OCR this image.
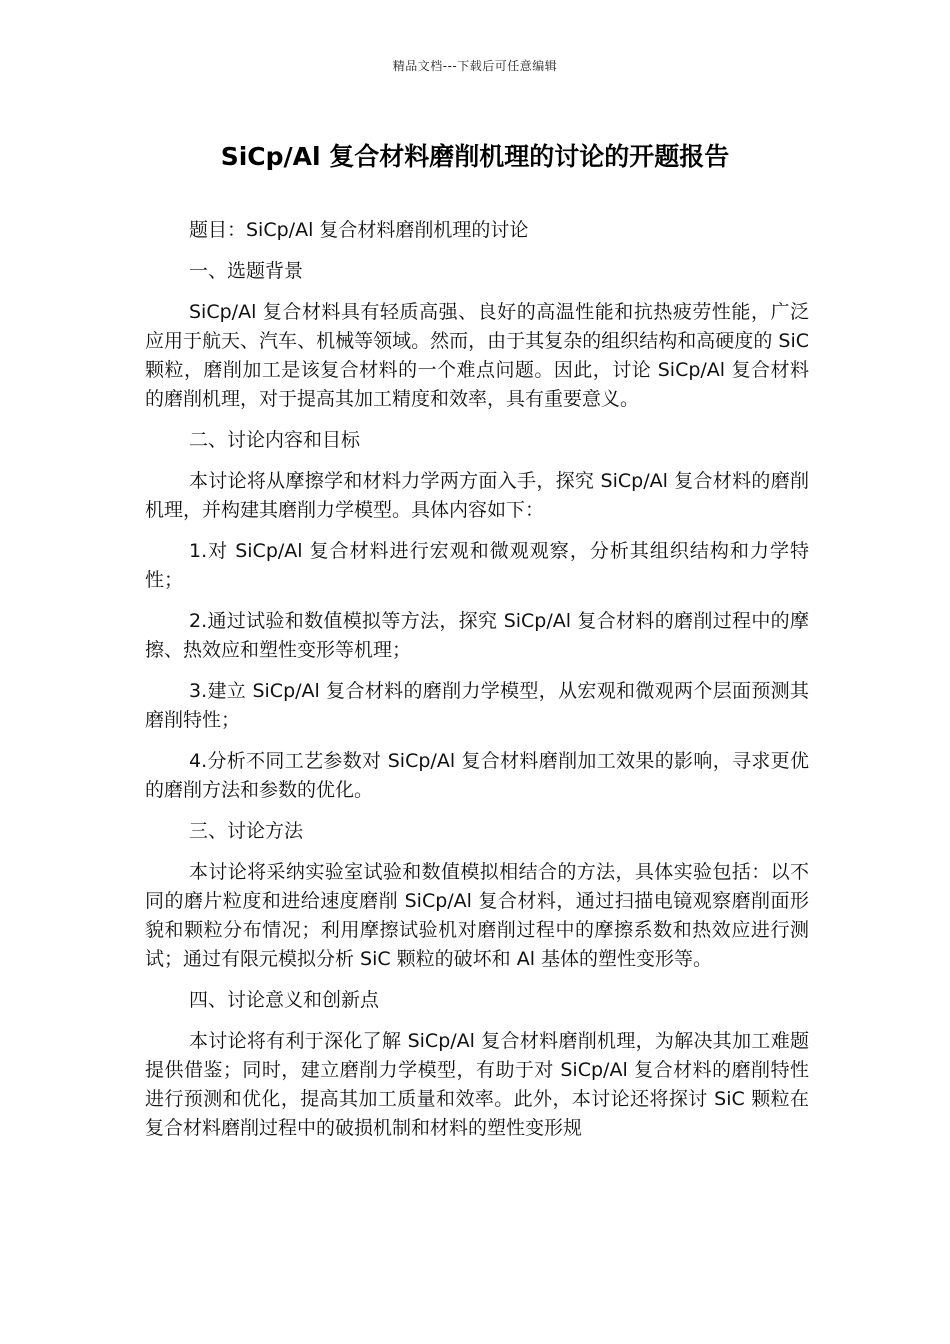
精品文档---下载后可任意编辑
SiCp/Al 复合材料磨削机理的讨论的开题报告

题目：SiCp/Al 复合材料磨削机理的讨论

一、选题背景

SiCp/Al 复合材料具有轻质高强、良好的高温性能和抗热疲劳性能，广泛应用于航天、汽车、机械等领域。然而，由于其复杂的组织结构和高硬度的 SiC 颗粒，磨削加工是该复合材料的一个难点问题。因此，讨论 SiCp/Al 复合材料的磨削机理，对于提高其加工精度和效率，具有重要意义。

二、讨论内容和目标

本讨论将从摩擦学和材料力学两方面入手，探究 SiCp/Al 复合材料的磨削机理，并构建其磨削力学模型。具体内容如下：

1.对 SiCp/Al 复合材料进行宏观和微观观察，分析其组织结构和力学特性；

2.通过试验和数值模拟等方法，探究 SiCp/Al 复合材料的磨削过程中的摩擦、热效应和塑性变形等机理；

3.建立 SiCp/Al 复合材料的磨削力学模型，从宏观和微观两个层面预测其磨削特性；

4.分析不同工艺参数对 SiCp/Al 复合材料磨削加工效果的影响，寻求更优的磨削方法和参数的优化。

三、讨论方法

本讨论将采纳实验室试验和数值模拟相结合的方法，具体实验包括：以不同的磨片粒度和进给速度磨削 SiCp/Al 复合材料，通过扫描电镜观察磨削面形貌和颗粒分布情况；利用摩擦试验机对磨削过程中的摩擦系数和热效应进行测试；通过有限元模拟分析 SiC 颗粒的破坏和 Al 基体的塑性变形等。

四、讨论意义和创新点

本讨论将有利于深化了解 SiCp/Al 复合材料磨削机理，为解决其加工难题提供借鉴；同时，建立磨削力学模型，有助于对 SiCp/Al 复合材料的磨削特性进行预测和优化，提高其加工质量和效率。此外，本讨论还将探讨 SiC 颗粒在复合材料磨削过程中的破损机制和材料的塑性变形规
